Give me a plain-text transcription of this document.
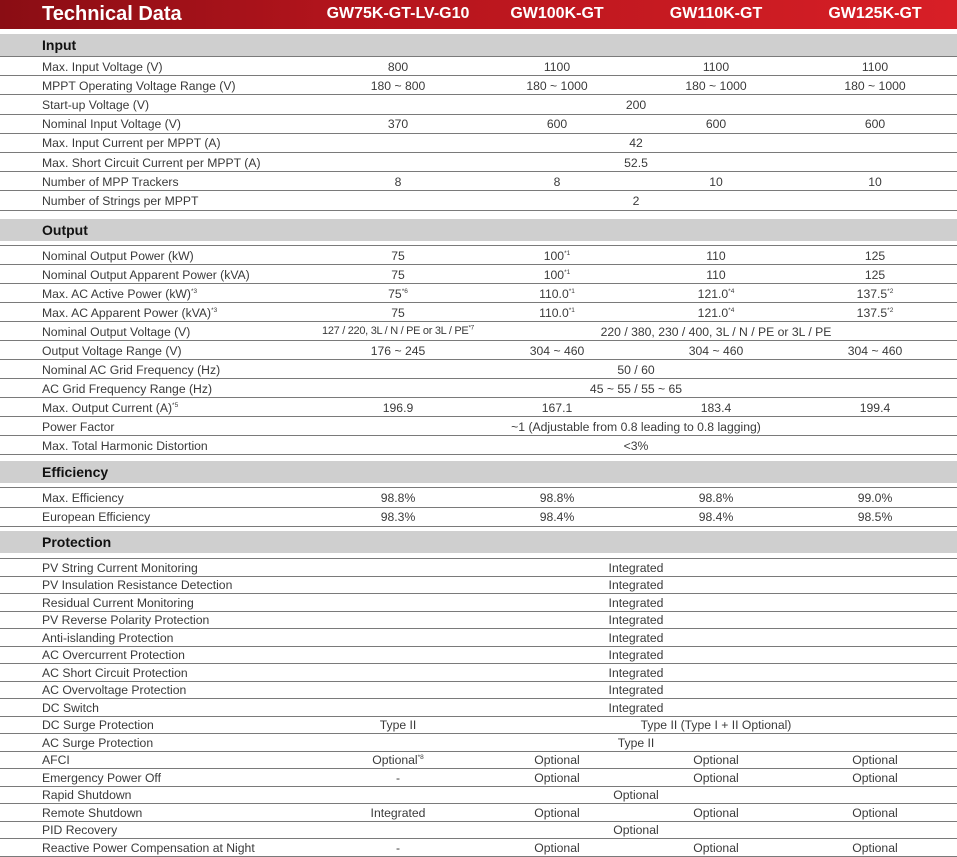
Technical Data	GW75K-GT-LV-G10	GW100K-GT	GW110K-GT	GW125K-GT
Input
Max. Input Voltage (V)	800	1100	1100	1100
MPPT Operating Voltage Range (V)	180 ~ 800	180 ~ 1000	180 ~ 1000	180 ~ 1000
Start-up Voltage (V)	200
Nominal Input Voltage (V)	370	600	600	600
Max. Input Current per MPPT (A)	42
Max. Short Circuit Current per MPPT (A)	52.5
Number of MPP Trackers	8	8	10	10
Number of Strings per MPPT	2
Output
Nominal Output Power (kW)	75	100$^{*1}$	110	125
Nominal Output Apparent Power (kVA)	75	100$^{*1}$	110	125
Max. AC Active Power (kW)$^{*3}$	75$^{*6}$	110.0$^{*1}$	121.0$^{*4}$	137.5$^{*2}$
Max. AC Apparent Power (kVA)$^{*3}$	75	110.0$^{*1}$	121.0$^{*4}$	137.5$^{*2}$
Nominal Output Voltage (V)	127 / 220, 3L / N / PE or 3L / PE$^{*7}$	220 / 380, 230 / 400, 3L / N / PE or 3L / PE
Output Voltage Range (V)	176 ~ 245	304 ~ 460	304 ~ 460	304 ~ 460
Nominal AC Grid Frequency (Hz)	50 / 60
AC Grid Frequency Range (Hz)	45 ~ 55 / 55 ~ 65
Max. Output Current $(A)^{*5}$	196.9	167.1	183.4	199.4
Power Factor	~1 (Adjustable from 0.8 leading to 0.8 lagging)
Max. Total Harmonic Distortion	<3%
Efficiency
Max. Efficiency	98.8%	98.8%	98.8%	99.0%
European Efficiency	98.3%	98.4%	98.4%	98.5%
Protection
PV String Current Monitoring	Integrated
PV Insulation Resistance Detection	Integrated
Residual Current Monitoring	Integrated
PV Reverse Polarity Protection	Integrated
Anti-islanding Protection	Integrated
AC Overcurrent Protection	Integrated
AC Short Circuit Protection	Integrated
AC Overvoltage Protection	Integrated
DC Switch	Integrated
DC Surge Protection	Type II	Type II (Type I + II Optional)
AC Surge Protection	Type II
AFCI	Optional$^{*8}$	Optional	Optional	Optional
Emergency Power Off	-	Optional	Optional	Optional
Rapid Shutdown	Optional
Remote Shutdown	Integrated	Optional	Optional	Optional
PID Recovery	Optional
Reactive Power Compensation at Night	-	Optional	Optional	Optional
